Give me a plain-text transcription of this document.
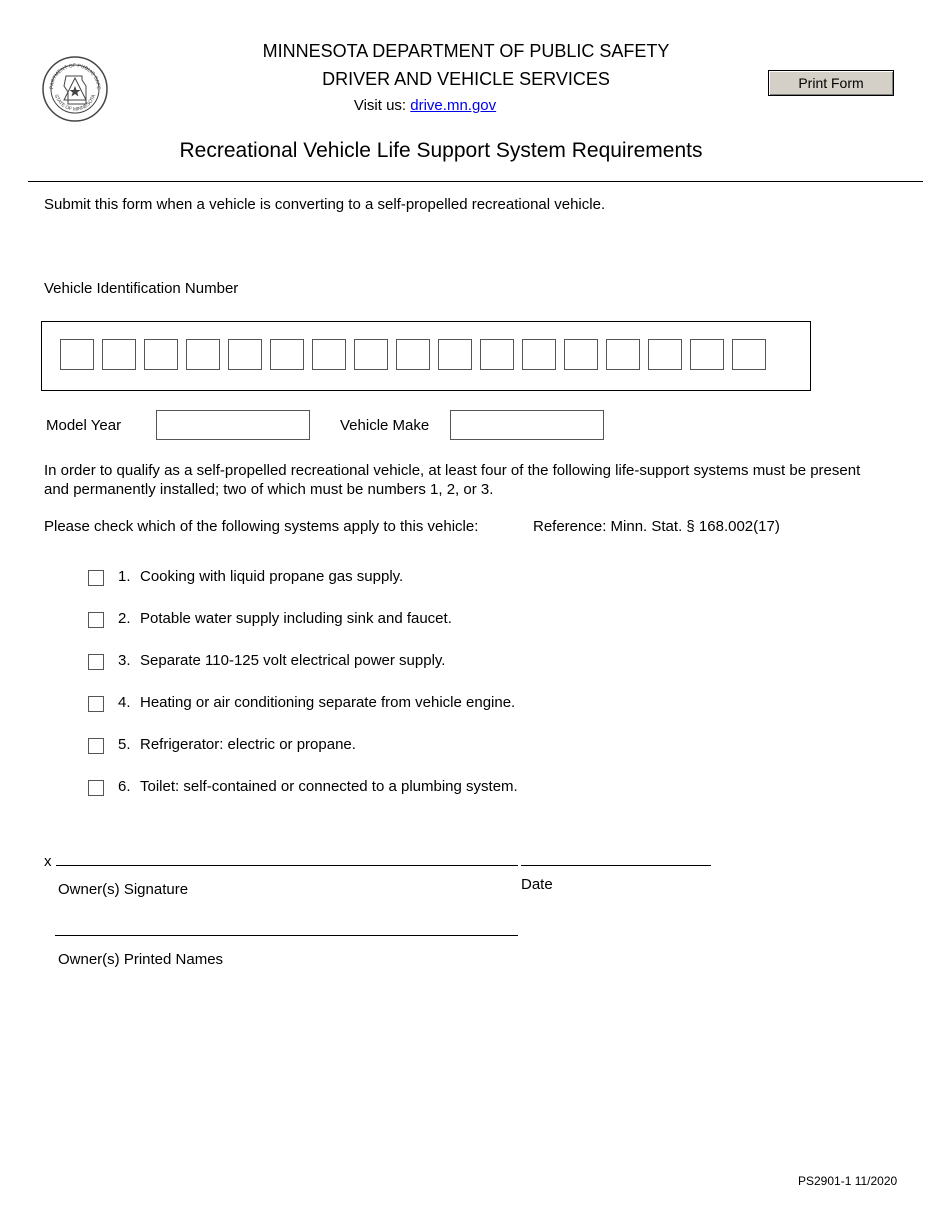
PARTMENT OF PUBLIC SAFE
STATE OF MINNESOTA
MINNESOTA DEPARTMENT OF PUBLIC SAFETY
DRIVER AND VEHICLE SERVICES
Visit us: drive.mn.gov
Print Form
Recreational Vehicle Life Support System Requirements
Submit this form when a vehicle is converting to a self-propelled recreational vehicle.
Vehicle Identification Number
Model Year	Vehicle Make
In order to qualify as a self-propelled recreational vehicle, at least four of the following life-support systems must be present and permanently installed; two of which must be numbers 1, 2, or 3.
Please check which of the following systems apply to this vehicle:	Reference: Minn. Stat. § 168.002(17)
1. Cooking with liquid propane gas supply.
2. Potable water supply including sink and faucet.
3. Separate 110-125 volt electrical power supply.
4. Heating or air conditioning separate from vehicle engine.
5. Refrigerator: electric or propane.
6. Toilet: self-contained or connected to a plumbing system.
x
Owner(s) Signature	Date
Owner(s) Printed Names
PS2901-1 11/2020
